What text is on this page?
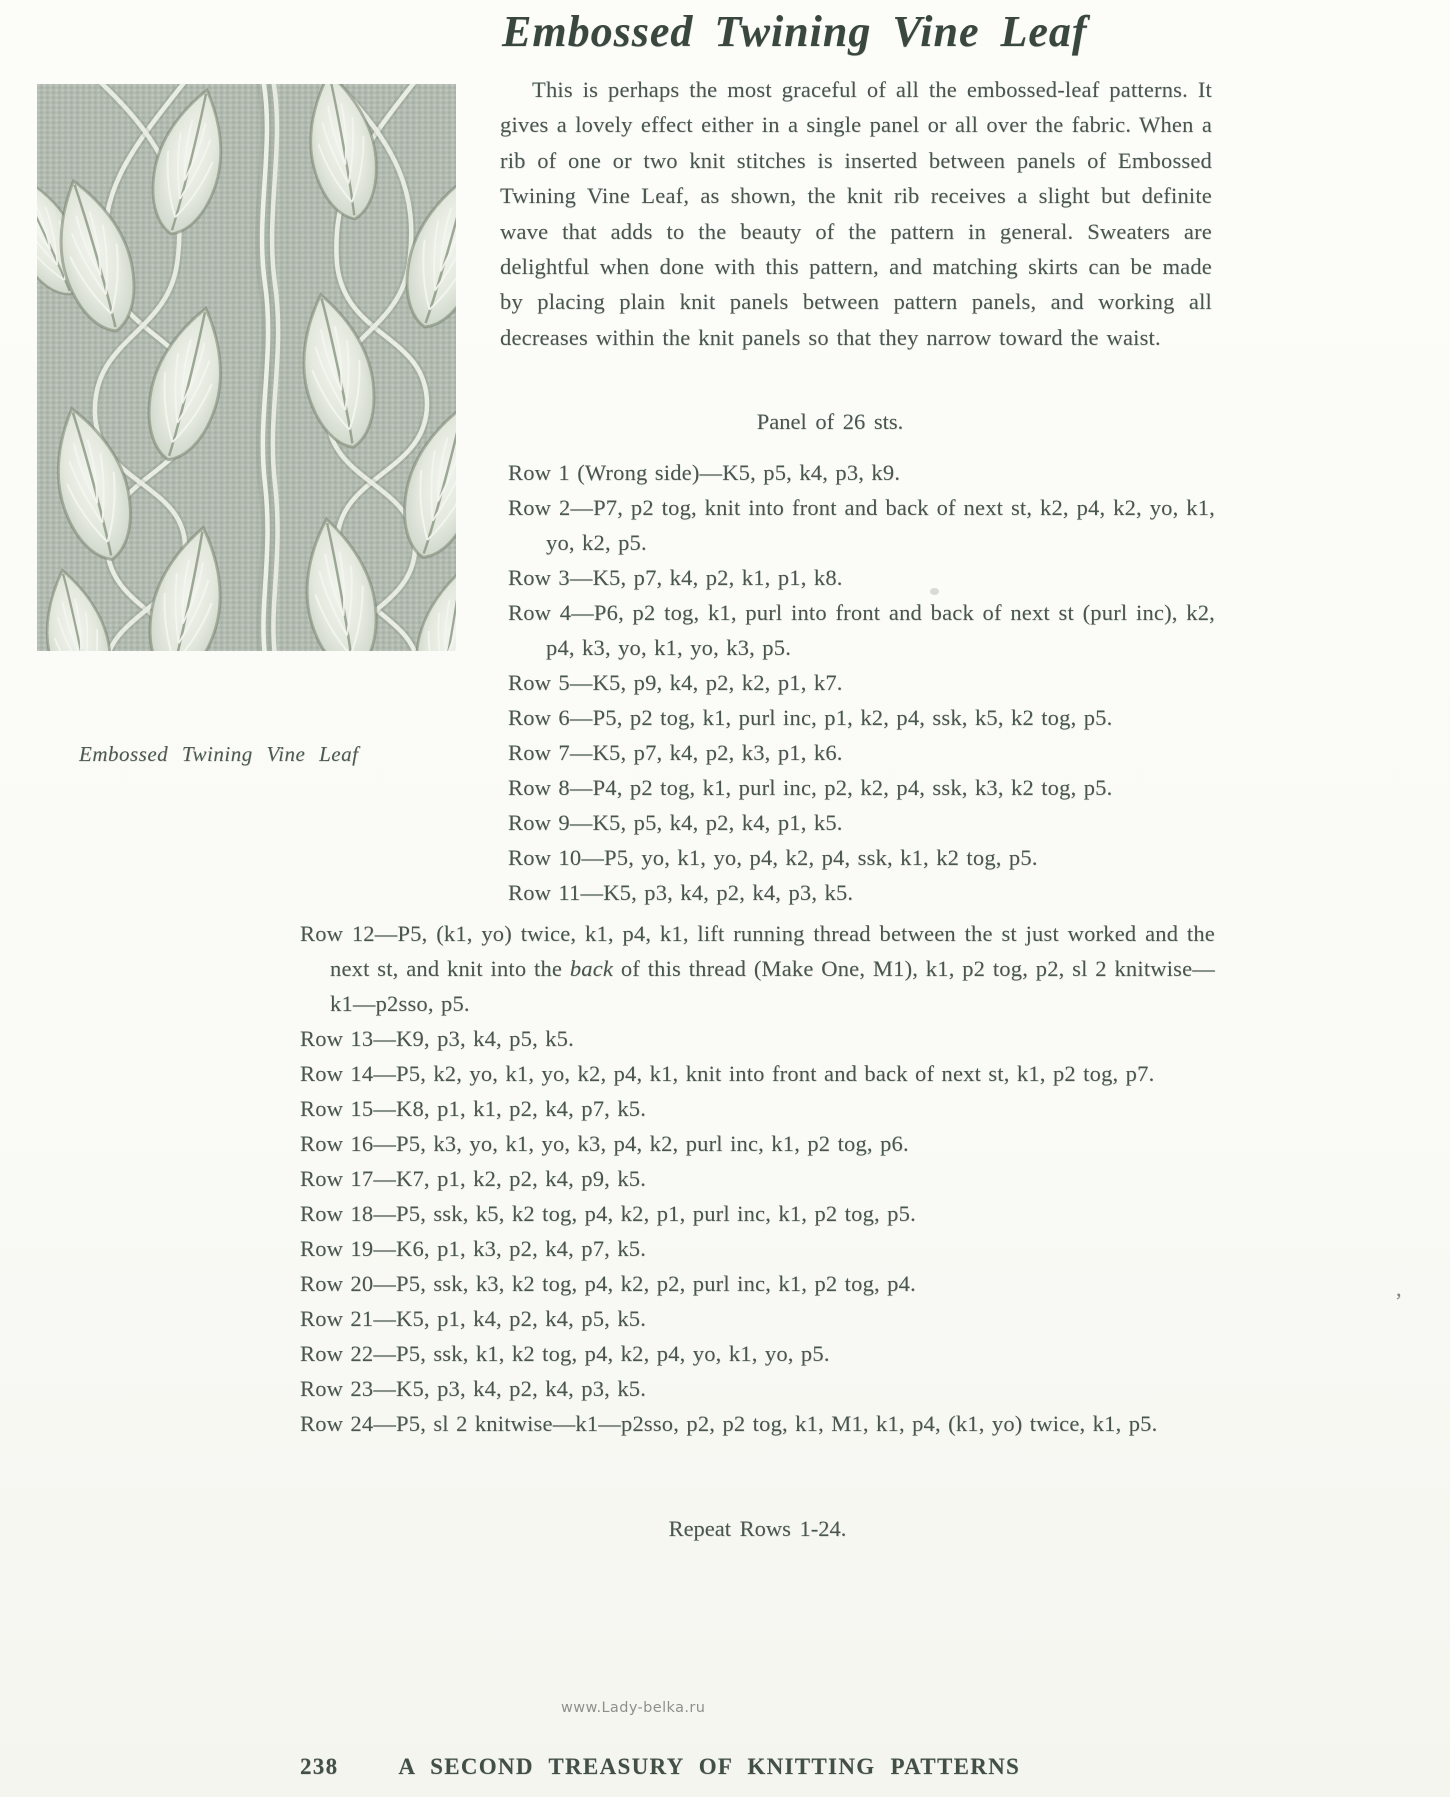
Embossed Twining Vine Leaf
Embossed Twining Vine Leaf

This is perhaps the most graceful of all the embossed-leaf patterns. It gives a lovely effect either in a single panel or all over the fabric. When a rib of one or two knit stitches is inserted between panels of Embossed Twining Vine Leaf, as shown, the knit rib receives a slight but definite wave that adds to the beauty of the pattern in general. Sweaters are delightful when done with this pattern, and matching skirts can be made by placing plain knit panels between pattern panels, and working all decreases within the knit panels so that they narrow toward the waist.

Panel of 26 sts.

Row 1 (Wrong side)—K5, p5, k4, p3, k9.

Row 2—P7, p2 tog, knit into front and back of next st, k2, p4, k2, yo, k1, yo, k2, p5.

Row 3—K5, p7, k4, p2, k1, p1, k8.

Row 4—P6, p2 tog, k1, purl into front and back of next st (purl inc), k2, p4, k3, yo, k1, yo, k3, p5.

Row 5—K5, p9, k4, p2, k2, p1, k7.

Row 6—P5, p2 tog, k1, purl inc, p1, k2, p4, ssk, k5, k2 tog, p5.

Row 7—K5, p7, k4, p2, k3, p1, k6.

Row 8—P4, p2 tog, k1, purl inc, p2, k2, p4, ssk, k3, k2 tog, p5.

Row 9—K5, p5, k4, p2, k4, p1, k5.

Row 10—P5, yo, k1, yo, p4, k2, p4, ssk, k1, k2 tog, p5.

Row 11—K5, p3, k4, p2, k4, p3, k5.

Row 12—P5, (k1, yo) twice, k1, p4, k1, lift running thread between the st just worked and the next st, and knit into the back of this thread (Make One, M1), k1, p2 tog, p2, sl 2 knitwise—k1—p2sso, p5.

Row 13—K9, p3, k4, p5, k5.

Row 14—P5, k2, yo, k1, yo, k2, p4, k1, knit into front and back of next st, k1, p2 tog, p7.

Row 15—K8, p1, k1, p2, k4, p7, k5.

Row 16—P5, k3, yo, k1, yo, k3, p4, k2, purl inc, k1, p2 tog, p6.

Row 17—K7, p1, k2, p2, k4, p9, k5.

Row 18—P5, ssk, k5, k2 tog, p4, k2, p1, purl inc, k1, p2 tog, p5.

Row 19—K6, p1, k3, p2, k4, p7, k5.

Row 20—P5, ssk, k3, k2 tog, p4, k2, p2, purl inc, k1, p2 tog, p4.

Row 21—K5, p1, k4, p2, k4, p5, k5.

Row 22—P5, ssk, k1, k2 tog, p4, k2, p4, yo, k1, yo, p5.

Row 23—K5, p3, k4, p2, k4, p3, k5.

Row 24—P5, sl 2 knitwise—k1—p2sso, p2, p2 tog, k1, M1, k1, p4, (k1, yo) twice, k1, p5.

Repeat Rows 1-24.
,
www.Lady-belka.ru
238	A SECOND TREASURY OF KNITTING PATTERNS
